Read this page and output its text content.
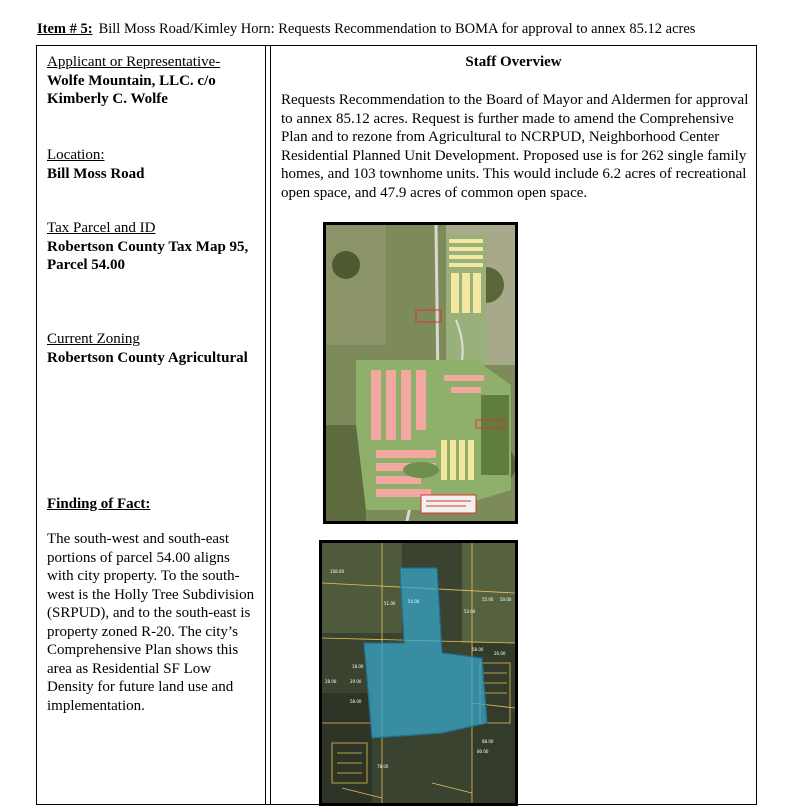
Item # 5: Bill Moss Road/Kimley Horn: Requests Recommendation to BOMA for approval to annex 85.12 acres
Applicant or Representative-
Wolfe Mountain, LLC. c/o Kimberly C. Wolfe
Location:
Bill Moss Road
Tax Parcel and ID
Robertson County Tax Map 95, Parcel 54.00
Current Zoning
Robertson County Agricultural
Finding of Fact:
The south-west and south-east portions of parcel 54.00 aligns with city property. To the south-west is the Holly Tree Subdivision (SRPUD), and to the south-east is property zoned R-20. The city’s Comprehensive Plan shows this area as Residential SF Low Density for future land use and implementation.
Staff Overview
Requests Recommendation to the Board of Mayor and Aldermen for approval to annex 85.12 acres. Request is further made to amend the Comprehensive Plan and to rezone from Agricultural to NCRPUD, Neighborhood Center Residential Planned Unit Development. Proposed use is for 262 single family homes, and 103 townhome units. This would include 6.2 acres of recreational open space, and 47.9 acres of common open space.
108.00
51.00	54.00
53.00
55.00 50.00
58.00
26.00
18.00
28.00	29.00
58.00
88.00
80.00
78.00
